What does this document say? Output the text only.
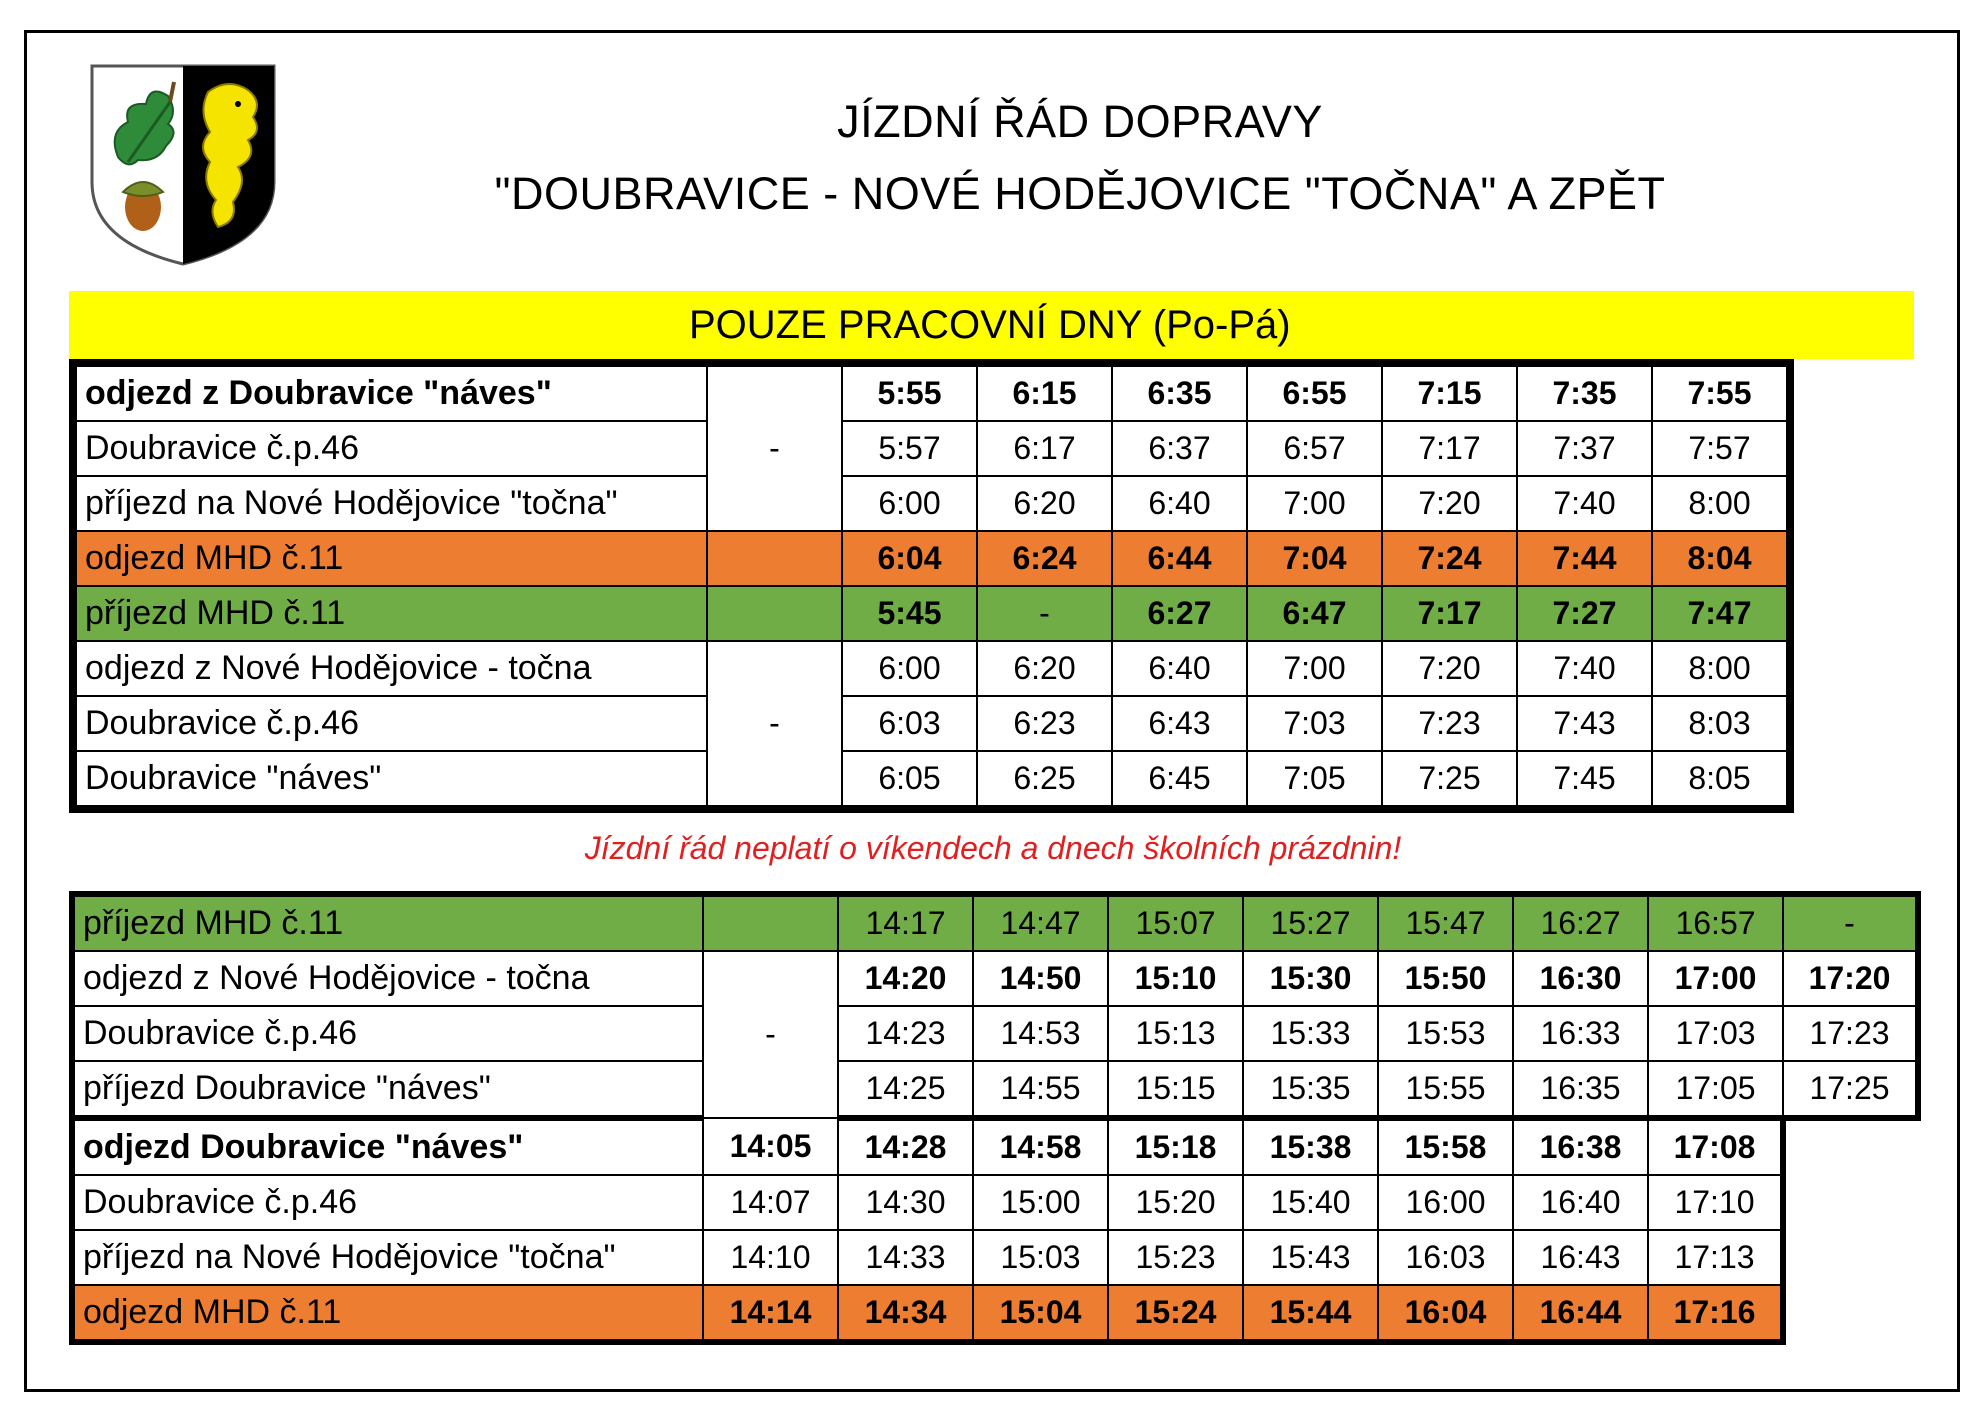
JÍZDNÍ ŘÁD DOPRAVY
"DOUBRAVICE - NOVÉ HODĚJOVICE "TOČNA" A ZPĚT
POUZE PRACOVNÍ DNY (Po-Pá)
odjezd z Doubravice "náves"	-	5:55	6:15	6:35	6:55	7:15	7:35	7:55
Doubravice č.p.46		5:57	6:17	6:37	6:57	7:17	7:37	7:57
příjezd na Nové Hodějovice "točna"		6:00	6:20	6:40	7:00	7:20	7:40	8:00
odjezd MHD č.11		6:04	6:24	6:44	7:04	7:24	7:44	8:04
příjezd MHD č.11		5:45	-	6:27	6:47	7:17	7:27	7:47
odjezd z Nové Hodějovice - točna	-	6:00	6:20	6:40	7:00	7:20	7:40	8:00
Doubravice č.p.46		6:03	6:23	6:43	7:03	7:23	7:43	8:03
Doubravice "náves"		6:05	6:25	6:45	7:05	7:25	7:45	8:05
Jízdní řád neplatí o víkendech a dnech školních prázdnin!
příjezd MHD č.11		14:17	14:47	15:07	15:27	15:47	16:27	16:57	-
odjezd z Nové Hodějovice - točna	-	14:20	14:50	15:10	15:30	15:50	16:30	17:00	17:20
Doubravice č.p.46		14:23	14:53	15:13	15:33	15:53	16:33	17:03	17:23
příjezd Doubravice "náves"		14:25	14:55	15:15	15:35	15:55	16:35	17:05	17:25
odjezd Doubravice "náves"	14:05	14:28	14:58	15:18	15:38	15:58	16:38	17:08	
Doubravice č.p.46	14:07	14:30	15:00	15:20	15:40	16:00	16:40	17:10	
příjezd na Nové Hodějovice "točna"	14:10	14:33	15:03	15:23	15:43	16:03	16:43	17:13	
odjezd MHD č.11	14:14	14:34	15:04	15:24	15:44	16:04	16:44	17:16	
